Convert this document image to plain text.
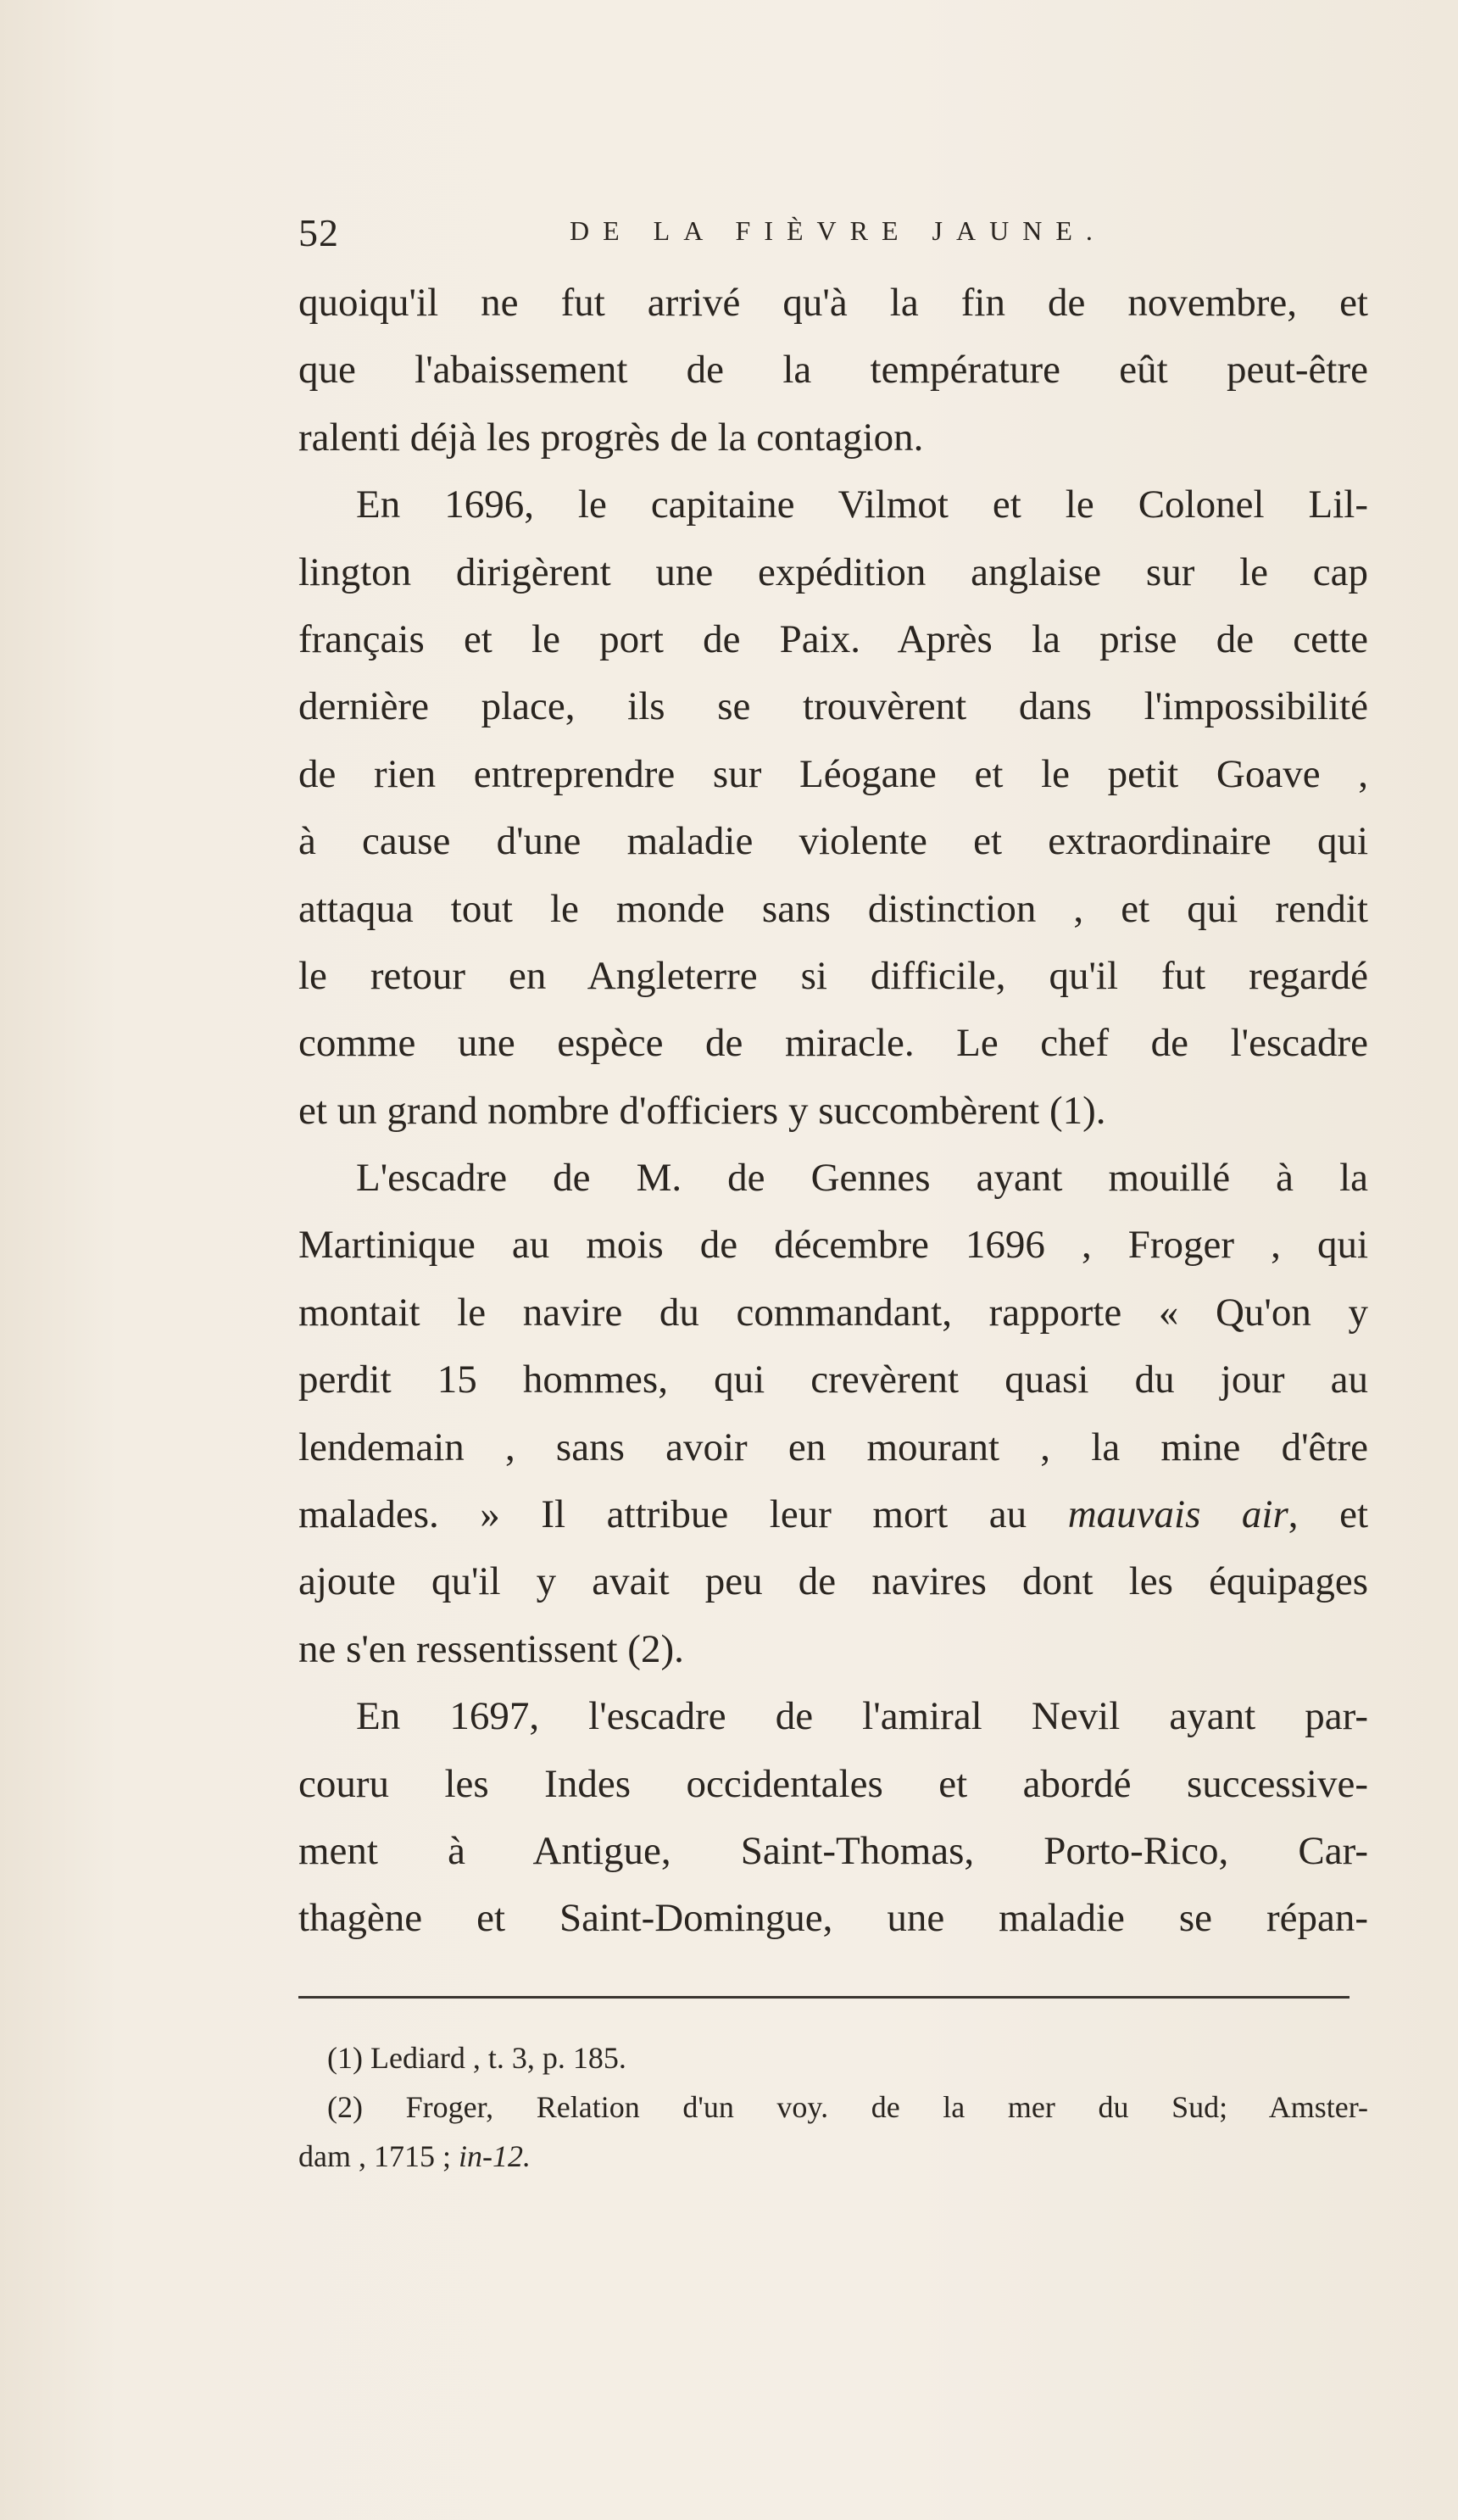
52	DE LA FIÈVRE JAUNE.
quoiqu'il ne fut arrivé qu'à la fin de novembre, et
que l'abaissement de la température eût peut-être
ralenti déjà les progrès de la contagion.
En 1696, le capitaine Vilmot et le Colonel Lil-
lington dirigèrent une expédition anglaise sur le cap
français et le port de Paix. Après la prise de cette
dernière place, ils se trouvèrent dans l'impossibilité
de rien entreprendre sur Léogane et le petit Goave ,
à cause d'une maladie violente et extraordinaire qui
attaqua tout le monde sans distinction , et qui rendit
le retour en Angleterre si difficile, qu'il fut regardé
comme une espèce de miracle. Le chef de l'escadre
et un grand nombre d'officiers y succombèrent (1).
L'escadre de M. de Gennes ayant mouillé à la
Martinique au mois de décembre 1696 , Froger , qui
montait le navire du commandant, rapporte « Qu'on y
perdit 15 hommes, qui crevèrent quasi du jour au
lendemain , sans avoir en mourant , la mine d'être
malades. » Il attribue leur mort au mauvais air, et
ajoute qu'il y avait peu de navires dont les équipages
ne s'en ressentissent (2).
En 1697, l'escadre de l'amiral Nevil ayant par-
couru les Indes occidentales et abordé successive-
ment à Antigue, Saint-Thomas, Porto-Rico, Car-
thagène et Saint-Domingue, une maladie se répan-
(1) Lediard , t. 3, p. 185.
(2) Froger, Relation d'un voy. de la mer du Sud; Amster-
dam , 1715 ; in-12.
